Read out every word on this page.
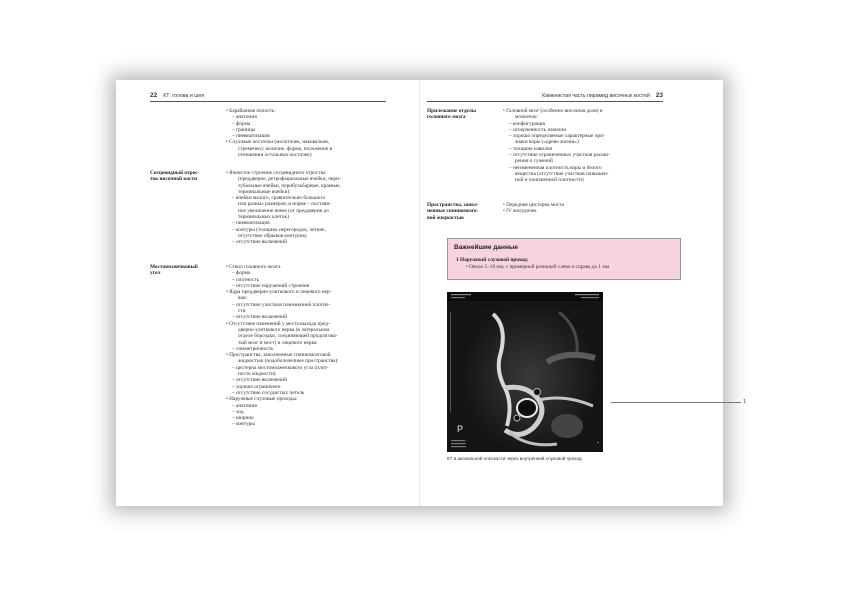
22 КТ: голова и шея
• Барабанная полость:
– анатомия
– форма
– границы
– пневматизация
• Слуховые косточки (молоточек, наковальня,
стремечко): наличие, форма, положение в
отношении остальных косточек)
Сосцевидный отрос-
ток височной кости
• Ячеистое строение сосцевидного отростка
(преддверие, ретрофациальные ячейки, пери-
тубальные ячейки, перибульбарные, краевые,
терминальные ячейки):
– ячейки малого, сравнительно большого
или разных размеров; в норме – постоян-
ное увеличение ячеек (от преддверия до
терминальных клеток)
– пневматизация
– контуры (толщина перегородок, четкие,
отсутствие обрывов контуров)
– отсутствие включений
Мостомозжечковый
угол
• Ствол головного мозга
– форма
– плотность
– отсутствие нарушений строения
• Ядра преддверно-улиткового и лицевого нер-
вов:
– отсутствие участков пониженной плотно-
сти
– отсутствие включений
• Отсутствие изменений у места выхода пред-
дверно-улиткового нерва (в латеральном
отделе бороздки, соединяющей продолгова-
тый мозг и мост) и лицевого нерва:
– симметричность
• Пространства, заполненные спинномозговой
жидкостью (подоболочечные пространства):
– цистерна мостомозжечкового угла (плот-
ность жидкости)
– отсутствие включений
– хорошо ограничено
– отсутствие сосудистых петель
• Наружные слуховые проходы:
– анатомия
– ход
– ширина
– контуры
Каменистая часть пирамид височных костей 23
Прилежание отделы
головного мозга
• Головной мозг (особенно височная доля) и
мозжечок:
– конфигурация
– исчерченность извилин
– хорошо определяемые характерные при-
знаки коры («древо жизни»)
– толщина извилин
– отсутствие ограниченных участков расши-
рения и сужений
– неизмененная плотность коры и белого
вещества (отсутствие участков повышен-
ной и пониженной плотности)
Пространства, запол-
ненные спинномозго-
вой жидкостью
• Передняя цистерна моста
• IV желудочек
Важнейшие данные
1 Наружный слуховой проход:
• Около 5–10 мм, с примерной разницей слева и справа до 1 мм
P
1
КТ в аксиальной плоскости через внутренний слуховой проход
